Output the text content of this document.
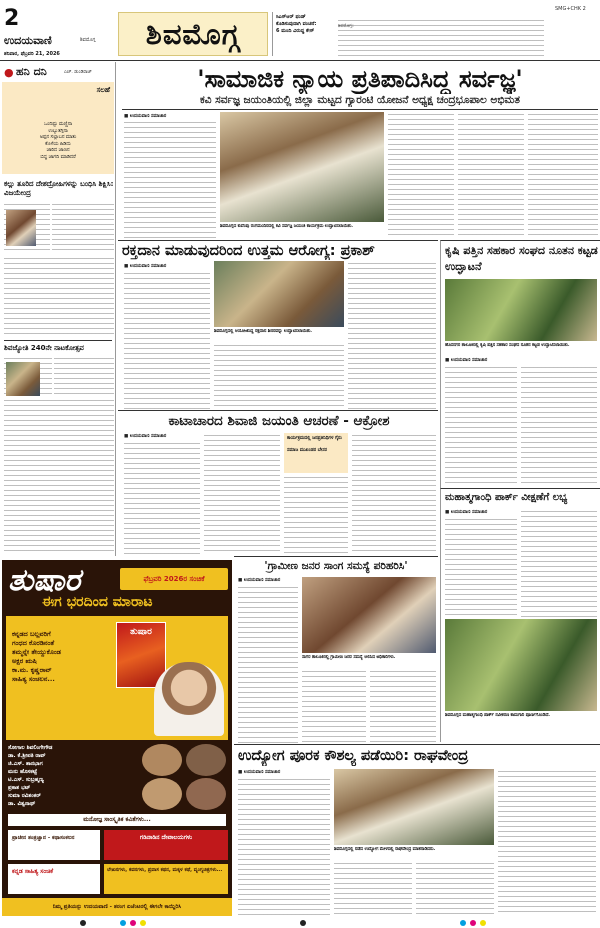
2
ಉದಯವಾಣಿ	ಶಿವಮೊಗ್ಗ
ಶನಿವಾರ, ಫೆಬ್ರವರಿ 21, 2026
ಶಿವಮೊಗ್ಗ	ಸಿಎಸ್‌ಆರ್ ಫಂಡ್
ಕೊಡಿಸುವುದಾಗಿ ವಂಚನೆ:
6 ಮಂದಿ ವಿರುದ್ಧ ಕೇಸ್
SMG+CHK 2
● ಹನಿ ದನಿ	ಎಚ್. ಡುಂಡಿರಾಜ್
ಸಲಹೆ
ಒಂದಿಷ್ಟು ಮಣ್ಣಿನಾ
ಉಬ್ಬುತಗ್ಗಿನಾ
ಅಪ್ಪನ ಸಲ್ಲಾಬನ ಮಾತು
ಕೊಳೆಯ ಹಿಡಿದು
ಜಾರಿದ ಜಾಣನ
ಬಿದ್ದ ಜಾಗದಿ ಮಾಡಿದರೆ
ಕಲ್ಲು ತೂರಿದ ದೇಶದ್ರೋಹಿಗಳನ್ನು ಬಂಧಿಸಿ ಶಿಕ್ಷಿಸಿ: ವಿಜಯೇಂದ್ರ
ಶಿವಜ್ಯೋತಿ 240ನೇ ನಾಟಕೋತ್ಸವ
'ಸಾಮಾಜಿಕ ನ್ಯಾಯ ಪ್ರತಿಪಾದಿಸಿದ್ದ ಸರ್ವಜ್ಞ'
ಕವಿ ಸರ್ವಜ್ಞ ಜಯಂತಿಯಲ್ಲಿ ಜಿಲ್ಲಾ ಮಟ್ಟದ ಗ್ಯಾರಂಟಿ ಯೋಜನೆ ಅಧ್ಯಕ್ಷ ಚಂದ್ರಭೂಪಾಲ ಅಭಿಮತ
■ ಉದಯವಾಣಿ ಸಮಾಚಾರ
ಶಿವಮೊಗ್ಗದ ಕುವೆಂಪು ರಂಗಮಂದಿರದಲ್ಲಿ ಕವಿ ಸರ್ವಜ್ಞ ಜಯಂತಿ ಕಾರ್ಯಕ್ರಮ ಉದ್ಘಾಟಿಸಲಾಯಿತು.
ರಕ್ತದಾನ ಮಾಡುವುದರಿಂದ ಉತ್ತಮ ಆರೋಗ್ಯ: ಪ್ರಕಾಶ್
■ ಉದಯವಾಣಿ ಸಮಾಚಾರ
ಶಿವಮೊಗ್ಗದಲ್ಲಿ ಆಯೋಜಿಸಿದ್ದ ರಕ್ತದಾನ ಶಿಬಿರವನ್ನು ಉದ್ಘಾಟಿಸಲಾಯಿತು.
ಕೃಷಿ ಪತ್ತಿನ ಸಹಕಾರ ಸಂಘದ ನೂತನ ಕಟ್ಟಡ ಉದ್ಘಾಟನೆ
ಹೊಸನಗರ ತಾಲೂಕಿನಲ್ಲಿ ಕೃಷಿ ಪತ್ತಿನ ಸಹಕಾರ ಸಂಘದ ನೂತನ ಕಟ್ಟಡ ಉದ್ಘಾಟಿಸಲಾಯಿತು.
■ ಉದಯವಾಣಿ ಸಮಾಚಾರ
ಕಾಟಾಚಾರದ ಶಿವಾಜಿ ಜಯಂತಿ ಆಚರಣೆ - ಆಕ್ರೋಶ
■ ಉದಯವಾಣಿ ಸಮಾಚಾರ	ಕಾರ್ಯಕ್ರಮದಲ್ಲಿ ಜನಪ್ರತಿನಿಧಿಗಳ ಗೈರು
ಸಮಾಜ ಮುಖಂಡರ ಬೇಸರ
ಮಹಾತ್ಮಗಾಂಧಿ ಪಾರ್ಕ್ ವೀಕ್ಷಣೆಗೆ ಲಭ್ಯ
■ ಉದಯವಾಣಿ ಸಮಾಚಾರ
ಶಿವಮೊಗ್ಗದ ಮಹಾತ್ಮಗಾಂಧಿ ಪಾರ್ಕ್ ನವೀಕರಣ ಕಾಮಗಾರಿ ಪೂರ್ಣಗೊಂಡಿದೆ.
ತುಷಾರ	ಫೆಬ್ರವರಿ 2026ರ ಸಂಚಿಕೆ
ಈಗ ಭರದಿಂದ ಮಾರಾಟ
ಕನ್ನಡದ ಬಲ್ಲವರಿಗೆ
ಗಂಧದ ಕೊರಡಿನಂತೆ
ತಮ್ಮನ್ನೇ ತೇಯ್ದುಕೊಂಡ
ಅಕ್ಷರ ಋಷಿ
ಕಾ.ಮ. ಕೃಷ್ಣರಾವ್
ಸಾಹಿತ್ಯ ಸಂಚಲನ...
ತುಷಾರ
ಸೋಗಾಲ ಶಿವಲಿಂಗೇಗೌಡ
ಡಾ. ಕೆ.ಶ್ರೀಪತಿ ರಾವ್
ಜಿ.ಎಸ್. ಶಾನಭಾಗ
ಮನು ಹೊಸಕಟ್ಟೆ
ಟಿ.ಎಸ್. ಸುಬ್ರಹ್ಮಣ್ಯ
ಪ್ರಕಾಶ ಭಟ್
ಸುಮಾ ರವಿಶಂಕರ್
ಡಾ. ವಿಶ್ವನಾಥ್
ಮನೋಜ್ಞ ಸಾಂಸ್ಕೃತಿಕ ಕವಿತೆಗಳು...
ಪ್ರಾಚೀನ ತಂತ್ರಜ್ಞಾನ - ಕಥಾಸಂಕಲನ	ಗಡಿನಾಡಿನ ದೇವಾಲಯಗಳು
ಕನ್ನಡ ಸಾಹಿತ್ಯ ಸಂಚಿಕೆ	ಲೇಖನಗಳು, ಕವನಗಳು, ಪ್ರವಾಸ ಕಥನ, ಮಕ್ಕಳ ಕಥೆ, ವ್ಯಂಗ್ಯಚಿತ್ರಗಳು...
ನಿಮ್ಮ ಪ್ರತಿಯನ್ನು ಉದಯವಾಣಿ - ತರಂಗ ಏಜೆಂಟರಲ್ಲಿ ಈಗಲೇ ಕಾಯ್ದಿರಿಸಿ
'ಗ್ರಾಮೀಣ ಜನರ ಸಾಂಗ ಸಮಸ್ಯೆ ಪರಿಹರಿಸಿ'
■ ಉದಯವಾಣಿ ಸಮಾಚಾರ
ಸಾಗರ ತಾಲೂಕಿನಲ್ಲಿ ಗ್ರಾಮೀಣ ಜನರ ಸಮಸ್ಯೆ ಆಲಿಸಿದ ಅಧಿಕಾರಿಗಳು.
ಉದ್ಯೋಗ ಪೂರಕ ಕೌಶಲ್ಯ ಪಡೆಯಿರಿ: ರಾಘವೇಂದ್ರ
■ ಉದಯವಾಣಿ ಸಮಾಚಾರ
ಶಿವಮೊಗ್ಗದಲ್ಲಿ ನಡೆದ ಉದ್ಯೋಗ ಮೇಳದಲ್ಲಿ ರಾಘವೇಂದ್ರ ಮಾತನಾಡಿದರು.
